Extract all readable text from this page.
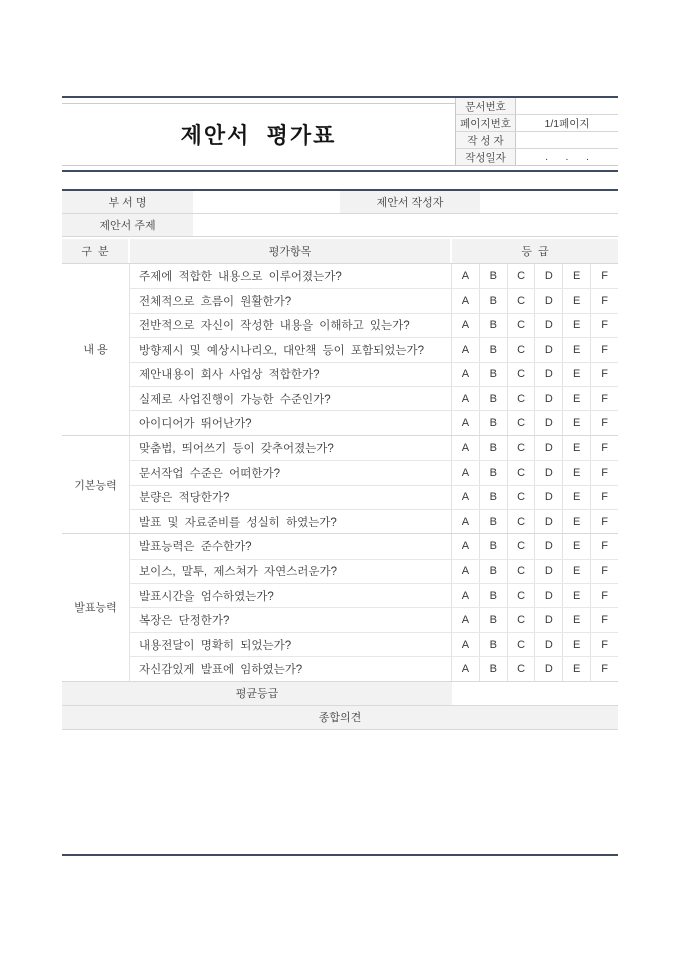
제안서  평가표
문서번호
페이지번호	1/1페이지
작 성 자
작성일자	.      .      .
부 서 명	제안서 작성자
제안서 주제
구  분	평가항목	등  급
내 용
주제에 적합한 내용으로 이루어졌는가?	A	B	C	D	E	F
전체적으로 흐름이 원활한가?	A	B	C	D	E	F
전반적으로 자신이 작성한 내용을 이해하고 있는가?	A	B	C	D	E	F
방향제시 및 예상시나리오, 대안책 등이 포함되었는가?	A	B	C	D	E	F
제안내용이 회사 사업상 적합한가?	A	B	C	D	E	F
실제로 사업진행이 가능한 수준인가?	A	B	C	D	E	F
아이디어가 뛰어난가?	A	B	C	D	E	F
기본능력
맞춤법, 띄어쓰기 등이 갖추어졌는가?	A	B	C	D	E	F
문서작업 수준은 어떠한가?	A	B	C	D	E	F
분량은 적당한가?	A	B	C	D	E	F
발표 및 자료준비를 성실히 하였는가?	A	B	C	D	E	F
발표능력
발표능력은 준수한가?	A	B	C	D	E	F
보이스, 말투, 제스쳐가 자연스러운가?	A	B	C	D	E	F
발표시간을 엄수하였는가?	A	B	C	D	E	F
복장은 단정한가?	A	B	C	D	E	F
내용전달이 명확히 되었는가?	A	B	C	D	E	F
자신감있게 발표에 임하였는가?	A	B	C	D	E	F
평균등급
종합의견
